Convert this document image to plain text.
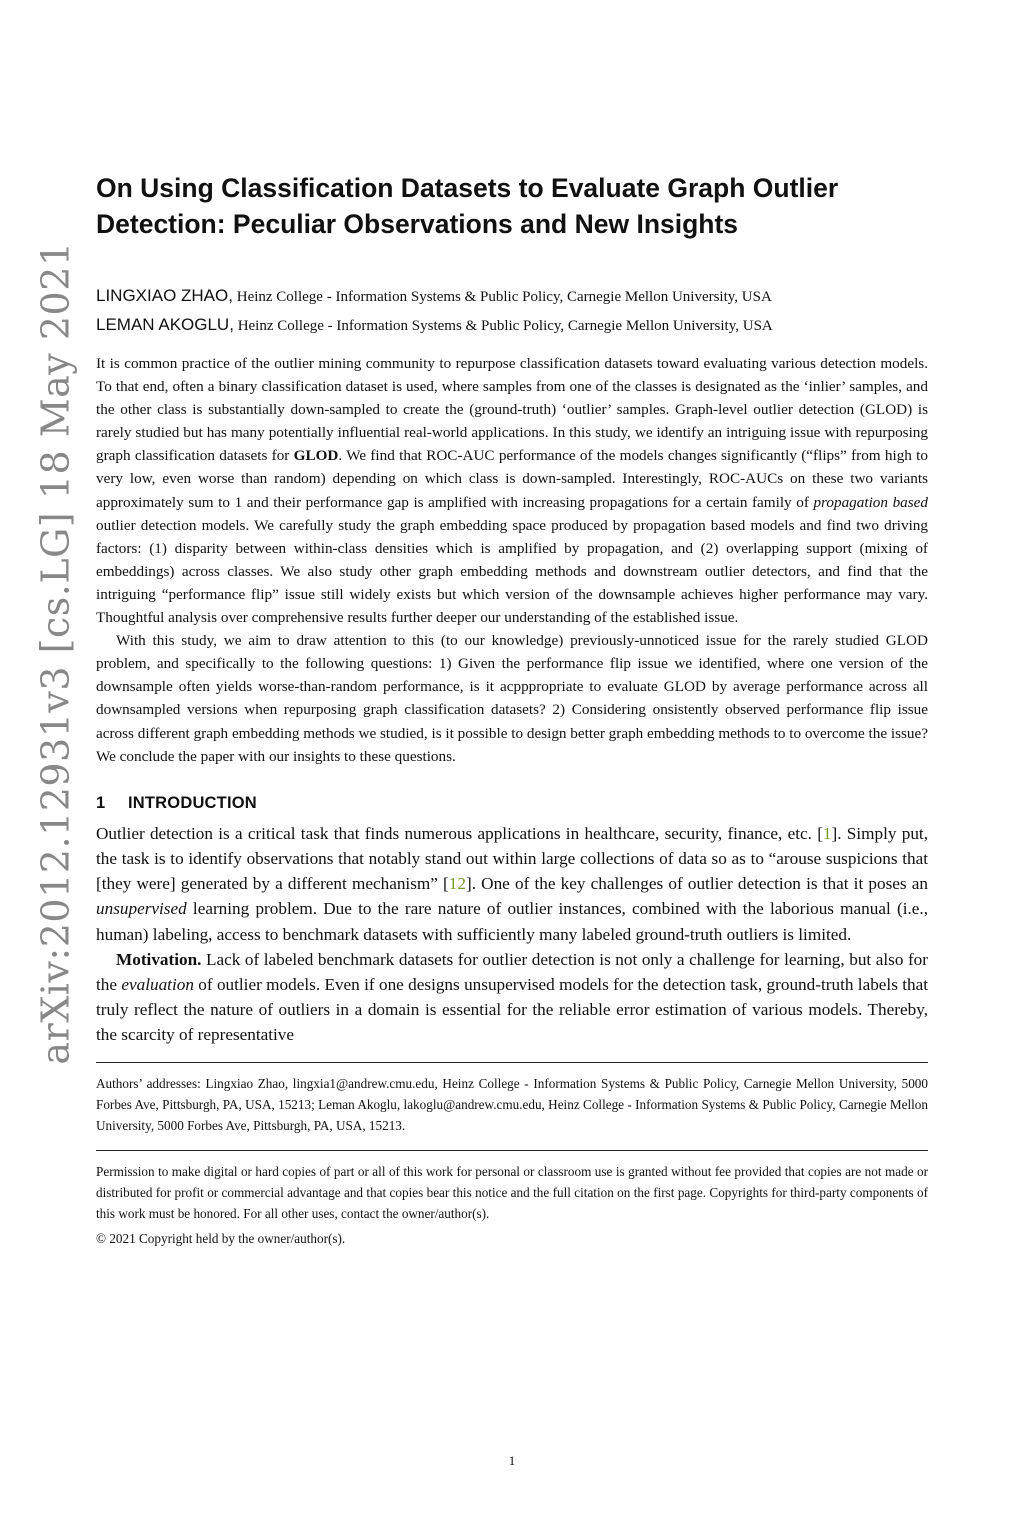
arXiv:2012.12931v3 [cs.LG] 18 May 2021
On Using Classification Datasets to Evaluate Graph Outlier Detection: Peculiar Observations and New Insights
LINGXIAO ZHAO, Heinz College - Information Systems & Public Policy, Carnegie Mellon University, USA
LEMAN AKOGLU, Heinz College - Information Systems & Public Policy, Carnegie Mellon University, USA

It is common practice of the outlier mining community to repurpose classification datasets toward evaluating various detection models. To that end, often a binary classification dataset is used, where samples from one of the classes is designated as the ‘inlier’ samples, and the other class is substantially down-sampled to create the (ground-truth) ‘outlier’ samples. Graph-level outlier detection (GLOD) is rarely studied but has many potentially influential real-world applications. In this study, we identify an intriguing issue with repurposing graph classification datasets for GLOD. We find that ROC-AUC performance of the models changes significantly (“flips” from high to very low, even worse than random) depending on which class is down-sampled. Interestingly, ROC-AUCs on these two variants approximately sum to 1 and their performance gap is amplified with increasing propagations for a certain family of propagation based outlier detection models. We carefully study the graph embedding space produced by propagation based models and find two driving factors: (1) disparity between within-class densities which is amplified by propagation, and (2) overlapping support (mixing of embeddings) across classes. We also study other graph embedding methods and downstream outlier detectors, and find that the intriguing “performance flip” issue still widely exists but which version of the downsample achieves higher performance may vary. Thoughtful analysis over comprehensive results further deeper our understanding of the established issue.

With this study, we aim to draw attention to this (to our knowledge) previously-unnoticed issue for the rarely studied GLOD problem, and specifically to the following questions: 1) Given the performance flip issue we identified, where one version of the downsample often yields worse-than-random performance, is it acpppropriate to evaluate GLOD by average performance across all downsampled versions when repurposing graph classification datasets? 2) Considering onsistently observed performance flip issue across different graph embedding methods we studied, is it possible to design better graph embedding methods to to overcome the issue? We conclude the paper with our insights to these questions.

1 INTRODUCTION

Outlier detection is a critical task that finds numerous applications in healthcare, security, finance, etc. [1]. Simply put, the task is to identify observations that notably stand out within large collections of data so as to “arouse suspicions that [they were] generated by a different mechanism” [12]. One of the key challenges of outlier detection is that it poses an unsupervised learning problem. Due to the rare nature of outlier instances, combined with the laborious manual (i.e., human) labeling, access to benchmark datasets with sufficiently many labeled ground-truth outliers is limited.

Motivation. Lack of labeled benchmark datasets for outlier detection is not only a challenge for learning, but also for the evaluation of outlier models. Even if one designs unsupervised models for the detection task, ground-truth labels that truly reflect the nature of outliers in a domain is essential for the reliable error estimation of various models. Thereby, the scarcity of representative

Authors’ addresses: Lingxiao Zhao, lingxia1@andrew.cmu.edu, Heinz College - Information Systems & Public Policy, Carnegie Mellon University, 5000 Forbes Ave, Pittsburgh, PA, USA, 15213; Leman Akoglu, lakoglu@andrew.cmu.edu, Heinz College - Information Systems & Public Policy, Carnegie Mellon University, 5000 Forbes Ave, Pittsburgh, PA, USA, 15213.

Permission to make digital or hard copies of part or all of this work for personal or classroom use is granted without fee provided that copies are not made or distributed for profit or commercial advantage and that copies bear this notice and the full citation on the first page. Copyrights for third-party components of this work must be honored. For all other uses, contact the owner/author(s).

© 2021 Copyright held by the owner/author(s).

1
